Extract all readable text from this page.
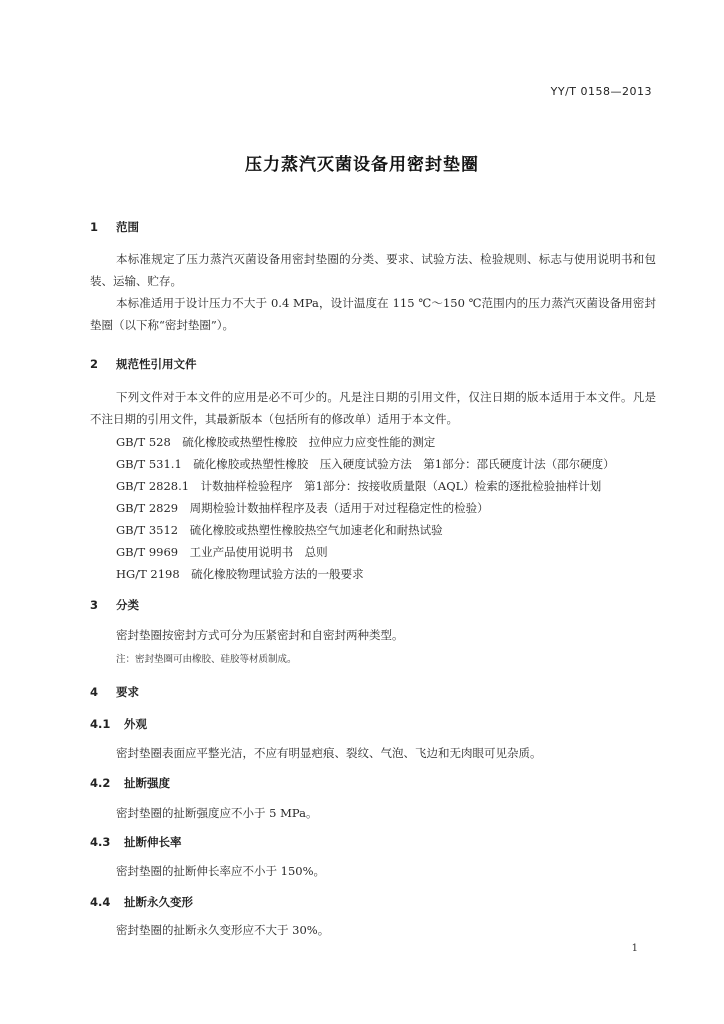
YY/T 0158—2013
压力蒸汽灭菌设备用密封垫圈
1 范围
本标准规定了压力蒸汽灭菌设备用密封垫圈的分类、要求、试验方法、检验规则、标志与使用说明书和包装、运输、贮存。
本标准适用于设计压力不大于 0.4 MPa，设计温度在 115 ℃～150 ℃范围内的压力蒸汽灭菌设备用密封垫圈（以下称“密封垫圈”）。
2 规范性引用文件
下列文件对于本文件的应用是必不可少的。凡是注日期的引用文件，仅注日期的版本适用于本文件。凡是不注日期的引用文件，其最新版本（包括所有的修改单）适用于本文件。
GB/T 528　硫化橡胶或热塑性橡胶　拉伸应力应变性能的测定
GB/T 531.1　硫化橡胶或热塑性橡胶　压入硬度试验方法　第1部分：邵氏硬度计法（邵尔硬度）
GB/T 2828.1　计数抽样检验程序　第1部分：按接收质量限（AQL）检索的逐批检验抽样计划
GB/T 2829　周期检验计数抽样程序及表（适用于对过程稳定性的检验）
GB/T 3512　硫化橡胶或热塑性橡胶热空气加速老化和耐热试验
GB/T 9969　工业产品使用说明书　总则
HG/T 2198　硫化橡胶物理试验方法的一般要求
3 分类
密封垫圈按密封方式可分为压紧密封和自密封两种类型。
注：密封垫圈可由橡胶、硅胶等材质制成。
4 要求
4.1 外观
密封垫圈表面应平整光洁，不应有明显疤痕、裂纹、气泡、飞边和无肉眼可见杂质。
4.2 扯断强度
密封垫圈的扯断强度应不小于 5 MPa。
4.3 扯断伸长率
密封垫圈的扯断伸长率应不小于 150%。
4.4 扯断永久变形
密封垫圈的扯断永久变形应不大于 30%。
1
